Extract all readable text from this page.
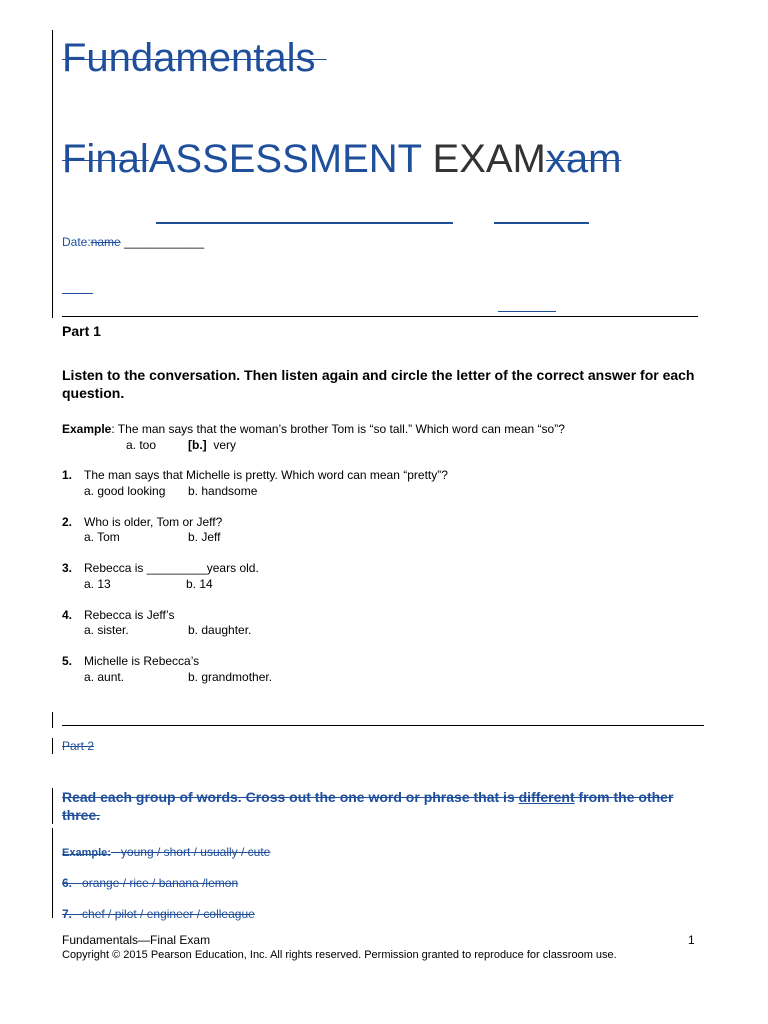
Fundamentals
FinalASSESSMENT EXAMxam
Date:name ____________
Part 1
Listen to the conversation. Then listen again and circle the letter of the correct answer for each question.
Example: The man says that the woman’s brother Tom is “so tall.” Which word can mean “so”?
a. too	[b.] very
1. The man says that Michelle is pretty. Which word can mean “pretty”?
a. good looking b. handsome
2. Who is older, Tom or Jeff?
a. Tom	b. Jeff
3. Rebecca is _________years old.
a. 13	b. 14
4. Rebecca is Jeff’s
a. sister.	b. daughter.
5. Michelle is Rebecca’s
a. aunt.	b. grandmother.
Part 2
Read each group of words. Cross out the one word or phrase that is different from the other three.
Example:   young / short / usually / cute
6.   orange / rice / banana /lemon
7.   chef / pilot / engineer / colleague
Fundamentals—Final Exam	1
Copyright © 2015 Pearson Education, Inc. All rights reserved. Permission granted to reproduce for classroom use.
